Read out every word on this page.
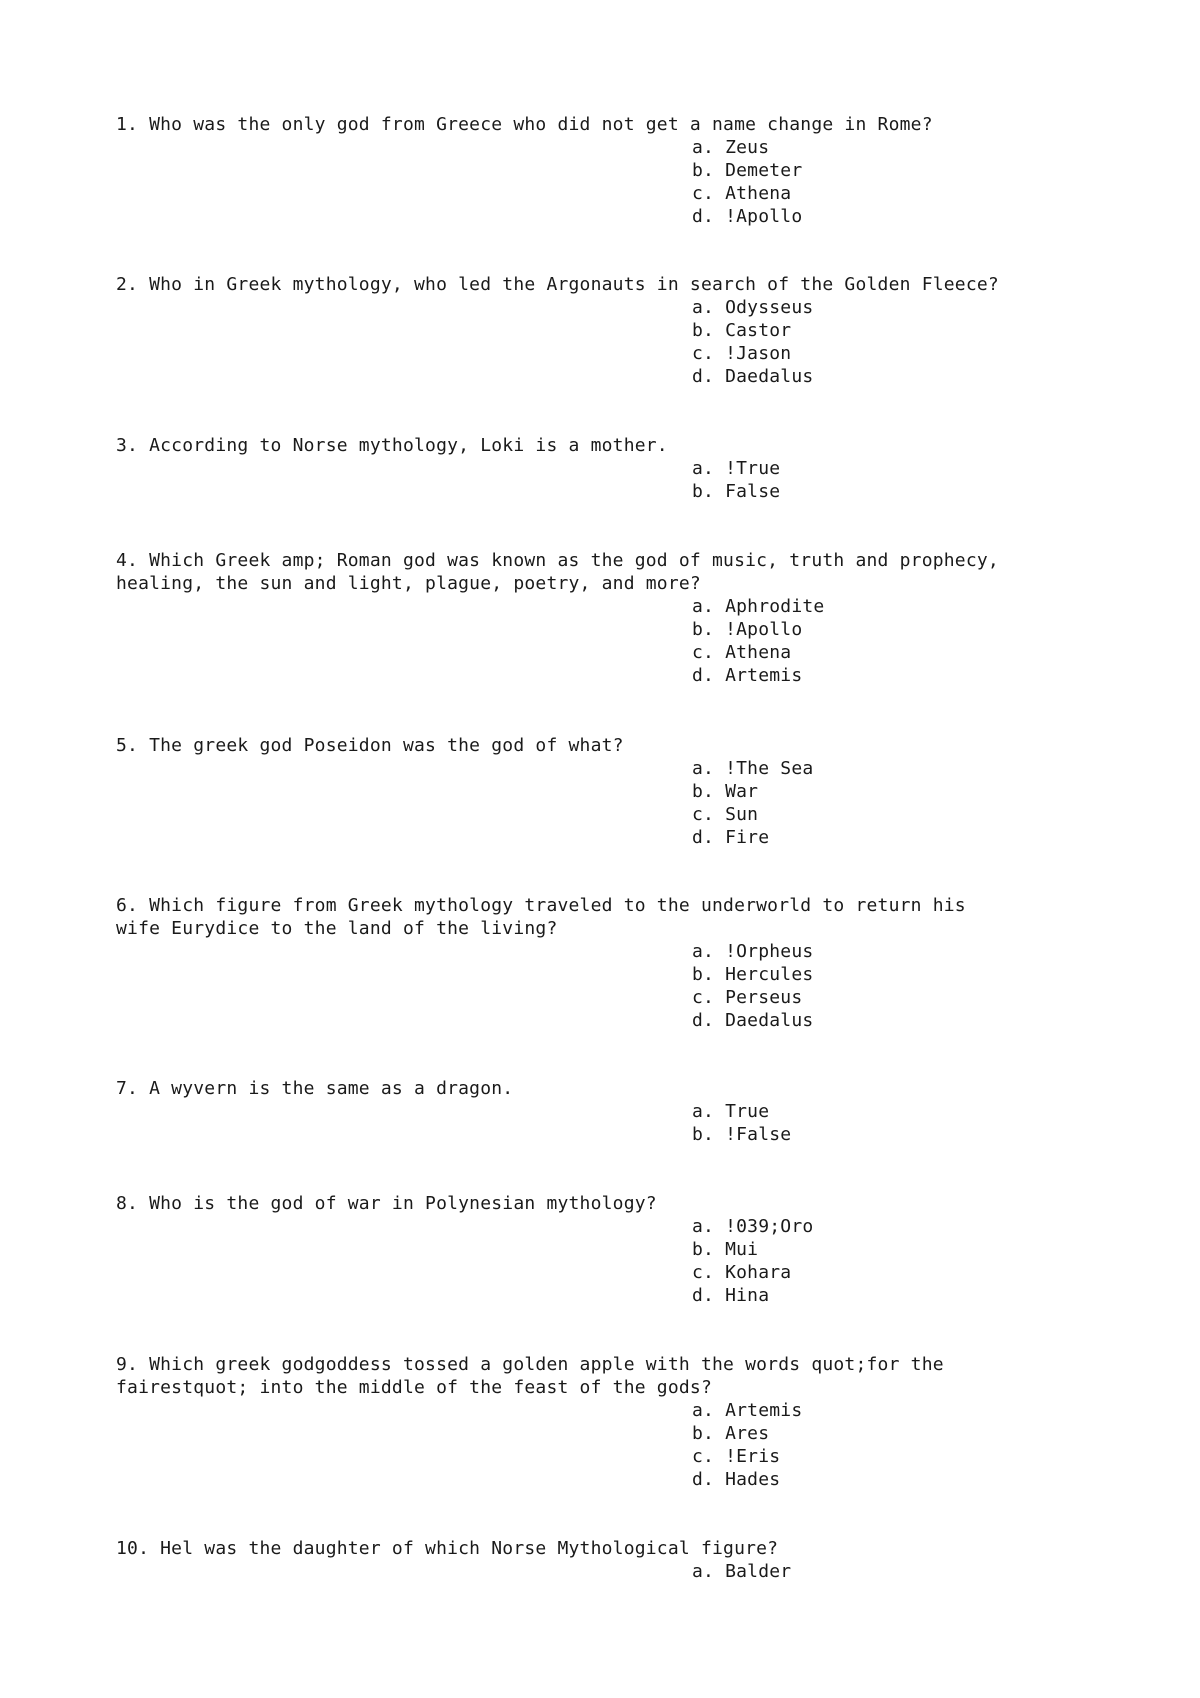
1. Who was the only god from Greece who did not get a name change in Rome?
a. Zeus
b. Demeter
c. Athena
d. !Apollo
2. Who in Greek mythology, who led the Argonauts in search of the Golden Fleece?
a. Odysseus
b. Castor
c. !Jason
d. Daedalus
3. According to Norse mythology, Loki is a mother.
a. !True
b. False
4. Which Greek amp; Roman god was known as the god of music, truth and prophecy,
healing, the sun and light, plague, poetry, and more?
a. Aphrodite
b. !Apollo
c. Athena
d. Artemis
5. The greek god Poseidon was the god of what?
a. !The Sea
b. War
c. Sun
d. Fire
6. Which figure from Greek mythology traveled to the underworld to return his
wife Eurydice to the land of the living?
a. !Orpheus
b. Hercules
c. Perseus
d. Daedalus
7. A wyvern is the same as a dragon.
a. True
b. !False
8. Who is the god of war in Polynesian mythology?
a. !039;Oro
b. Mui
c. Kohara
d. Hina
9. Which greek godgoddess tossed a golden apple with the words quot;for the
fairestquot; into the middle of the feast of the gods?
a. Artemis
b. Ares
c. !Eris
d. Hades
10. Hel was the daughter of which Norse Mythological figure?
a. Balder
